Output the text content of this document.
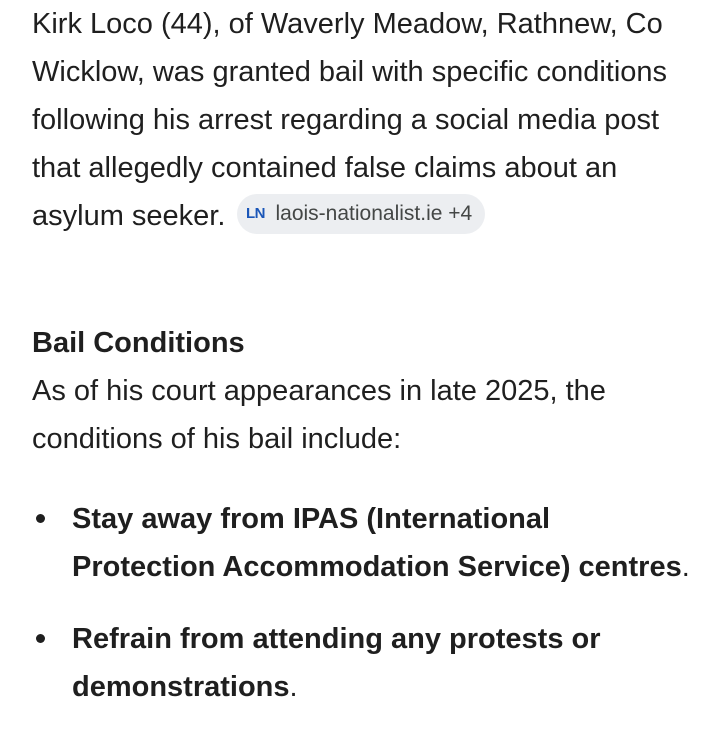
Kirk Loco (44), of Waverly Meadow, Rathnew, Co Wicklow, was granted bail with specific conditions following his arrest regarding a social media post that allegedly contained false claims about an asylum seeker. LN laois-nationalist.ie +4

Bail Conditions

As of his court appearances in late 2025, the conditions of his bail include:

Stay away from IPAS (International Protection Accommodation Service) centres.
Refrain from attending any protests or demonstrations.
